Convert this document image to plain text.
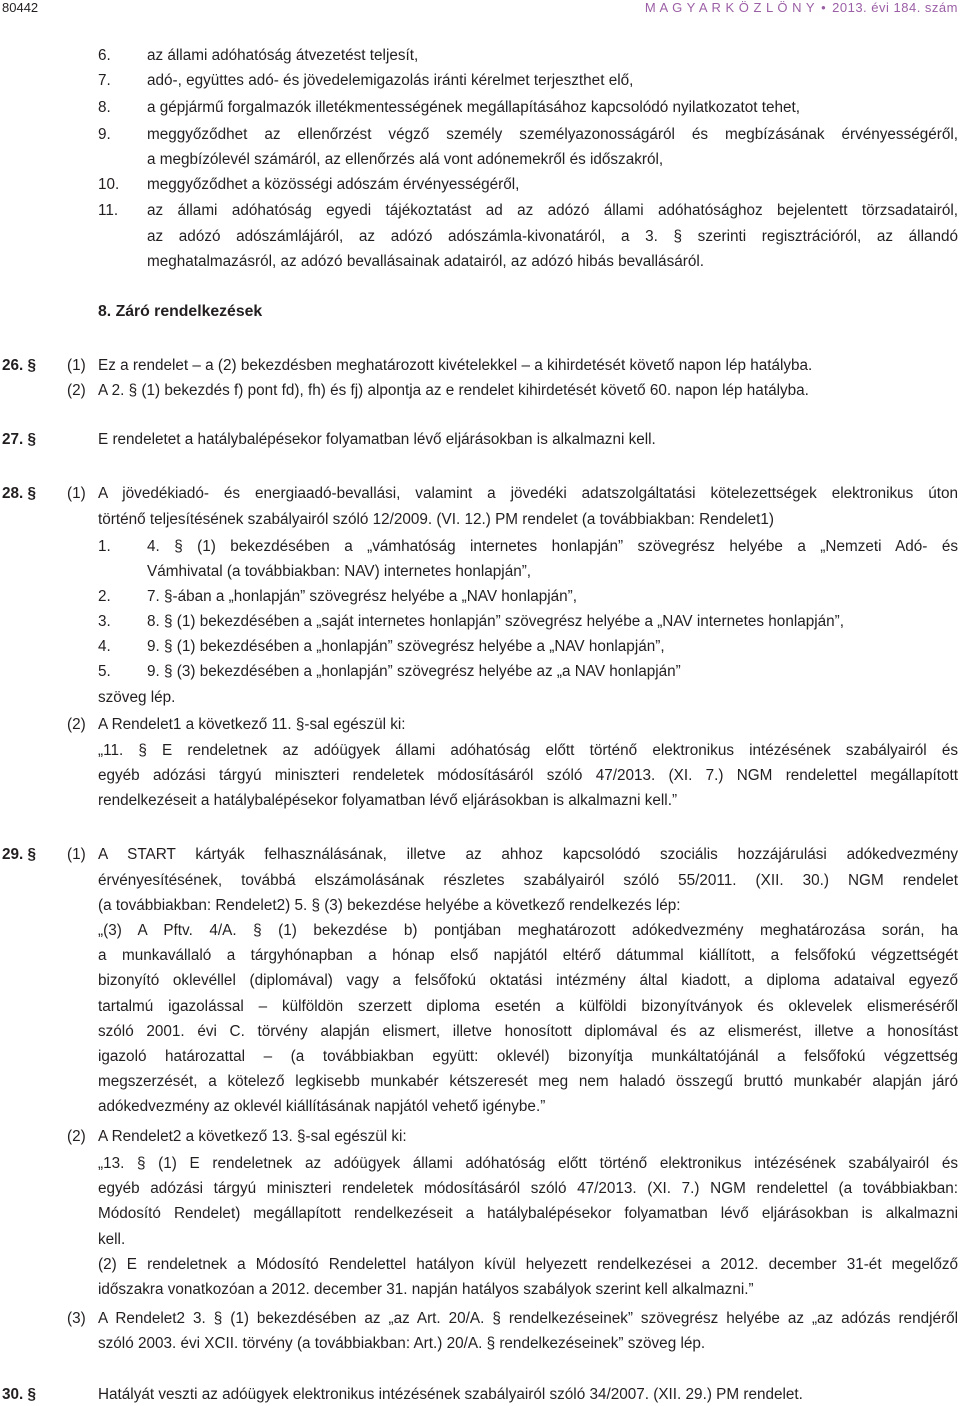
80442	M A G Y A R K Ö Z L Ö N Y • 2013. évi 184. szám
6. az állami adóhatóság átvezetést teljesít,
7. adó-, együttes adó- és jövedelemigazolás iránti kérelmet terjeszthet elő,
8. a gépjármű forgalmazók illetékmentességének megállapításához kapcsolódó nyilatkozatot tehet,
9. meggyőződhet az ellenőrzést végző személy személyazonosságáról és megbízásának érvényességéről,
a megbízólevél számáról, az ellenőrzés alá vont adónemekről és időszakról,
10. meggyőződhet a közösségi adószám érvényességéről,
11. az állami adóhatóság egyedi tájékoztatást ad az adózó állami adóhatósághoz bejelentett törzsadatairól,
az adózó adószámlájáról, az adózó adószámla-kivonatáról, a 3. § szerinti regisztrációról, az állandó
meghatalmazásról, az adózó bevallásainak adatairól, az adózó hibás bevallásáról.
8. Záró rendelkezések
26. § (1) Ez a rendelet – a (2) bekezdésben meghatározott kivételekkel – a kihirdetését követő napon lép hatályba.
(2) A 2. § (1) bekezdés f) pont fd), fh) és fj) alpontja az e rendelet kihirdetését követő 60. napon lép hatályba.
27. §	E rendeletet a hatálybalépésekor folyamatban lévő eljárásokban is alkalmazni kell.
28. § (1) A jövedékiadó- és energiaadó-bevallási, valamint a jövedéki adatszolgáltatási kötelezettségek elektronikus úton
történő teljesítésének szabályairól szóló 12/2009. (VI. 12.) PM rendelet (a továbbiakban: Rendelet1)
1. 4. § (1) bekezdésében a „vámhatóság internetes honlapján” szövegrész helyébe a „Nemzeti Adó- és
Vámhivatal (a továbbiakban: NAV) internetes honlapján”,
2. 7. §-ában a „honlapján” szövegrész helyébe a „NAV honlapján”,
3. 8. § (1) bekezdésében a „saját internetes honlapján” szövegrész helyébe a „NAV internetes honlapján”,
4. 9. § (1) bekezdésében a „honlapján” szövegrész helyébe a „NAV honlapján”,
5. 9. § (3) bekezdésében a „honlapján” szövegrész helyébe az „a NAV honlapján”
szöveg lép.
(2) A Rendelet1 a következő 11. §-sal egészül ki:
„11. § E rendeletnek az adóügyek állami adóhatóság előtt történő elektronikus intézésének szabályairól és
egyéb adózási tárgyú miniszteri rendeletek módosításáról szóló 47/2013. (XI. 7.) NGM rendelettel megállapított
rendelkezéseit a hatálybalépésekor folyamatban lévő eljárásokban is alkalmazni kell.”
29. § (1) A START kártyák felhasználásának, illetve az ahhoz kapcsolódó szociális hozzájárulási adókedvezmény
érvényesítésének, továbbá elszámolásának részletes szabályairól szóló 55/2011. (XII. 30.) NGM rendelet
(a továbbiakban: Rendelet2) 5. § (3) bekezdése helyébe a következő rendelkezés lép:
„(3) A Pftv. 4/A. § (1) bekezdése b) pontjában meghatározott adókedvezmény meghatározása során, ha
a munkavállaló a tárgyhónapban a hónap első napjától eltérő dátummal kiállított, a felsőfokú végzettségét
bizonyító oklevéllel (diplomával) vagy a felsőfokú oktatási intézmény által kiadott, a diploma adataival egyező
tartalmú igazolással – külföldön szerzett diploma esetén a külföldi bizonyítványok és oklevelek elismeréséről
szóló 2001. évi C. törvény alapján elismert, illetve honosított diplomával és az elismerést, illetve a honosítást
igazoló határozattal – (a továbbiakban együtt: oklevél) bizonyítja munkáltatójánál a felsőfokú végzettség
megszerzését, a kötelező legkisebb munkabér kétszeresét meg nem haladó összegű bruttó munkabér alapján járó
adókedvezmény az oklevél kiállításának napjától vehető igénybe.”
(2) A Rendelet2 a következő 13. §-sal egészül ki:
„13. § (1) E rendeletnek az adóügyek állami adóhatóság előtt történő elektronikus intézésének szabályairól és
egyéb adózási tárgyú miniszteri rendeletek módosításáról szóló 47/2013. (XI. 7.) NGM rendelettel (a továbbiakban:
Módosító Rendelet) megállapított rendelkezéseit a hatálybalépésekor folyamatban lévő eljárásokban is alkalmazni
kell.
(2) E rendeletnek a Módosító Rendelettel hatályon kívül helyezett rendelkezései a 2012. december 31-ét megelőző
időszakra vonatkozóan a 2012. december 31. napján hatályos szabályok szerint kell alkalmazni.”
(3) A Rendelet2 3. § (1) bekezdésében az „az Art. 20/A. § rendelkezéseinek” szövegrész helyébe az „az adózás rendjéről
szóló 2003. évi XCII. törvény (a továbbiakban: Art.) 20/A. § rendelkezéseinek” szöveg lép.
30. §	Hatályát veszti az adóügyek elektronikus intézésének szabályairól szóló 34/2007. (XII. 29.) PM rendelet.
